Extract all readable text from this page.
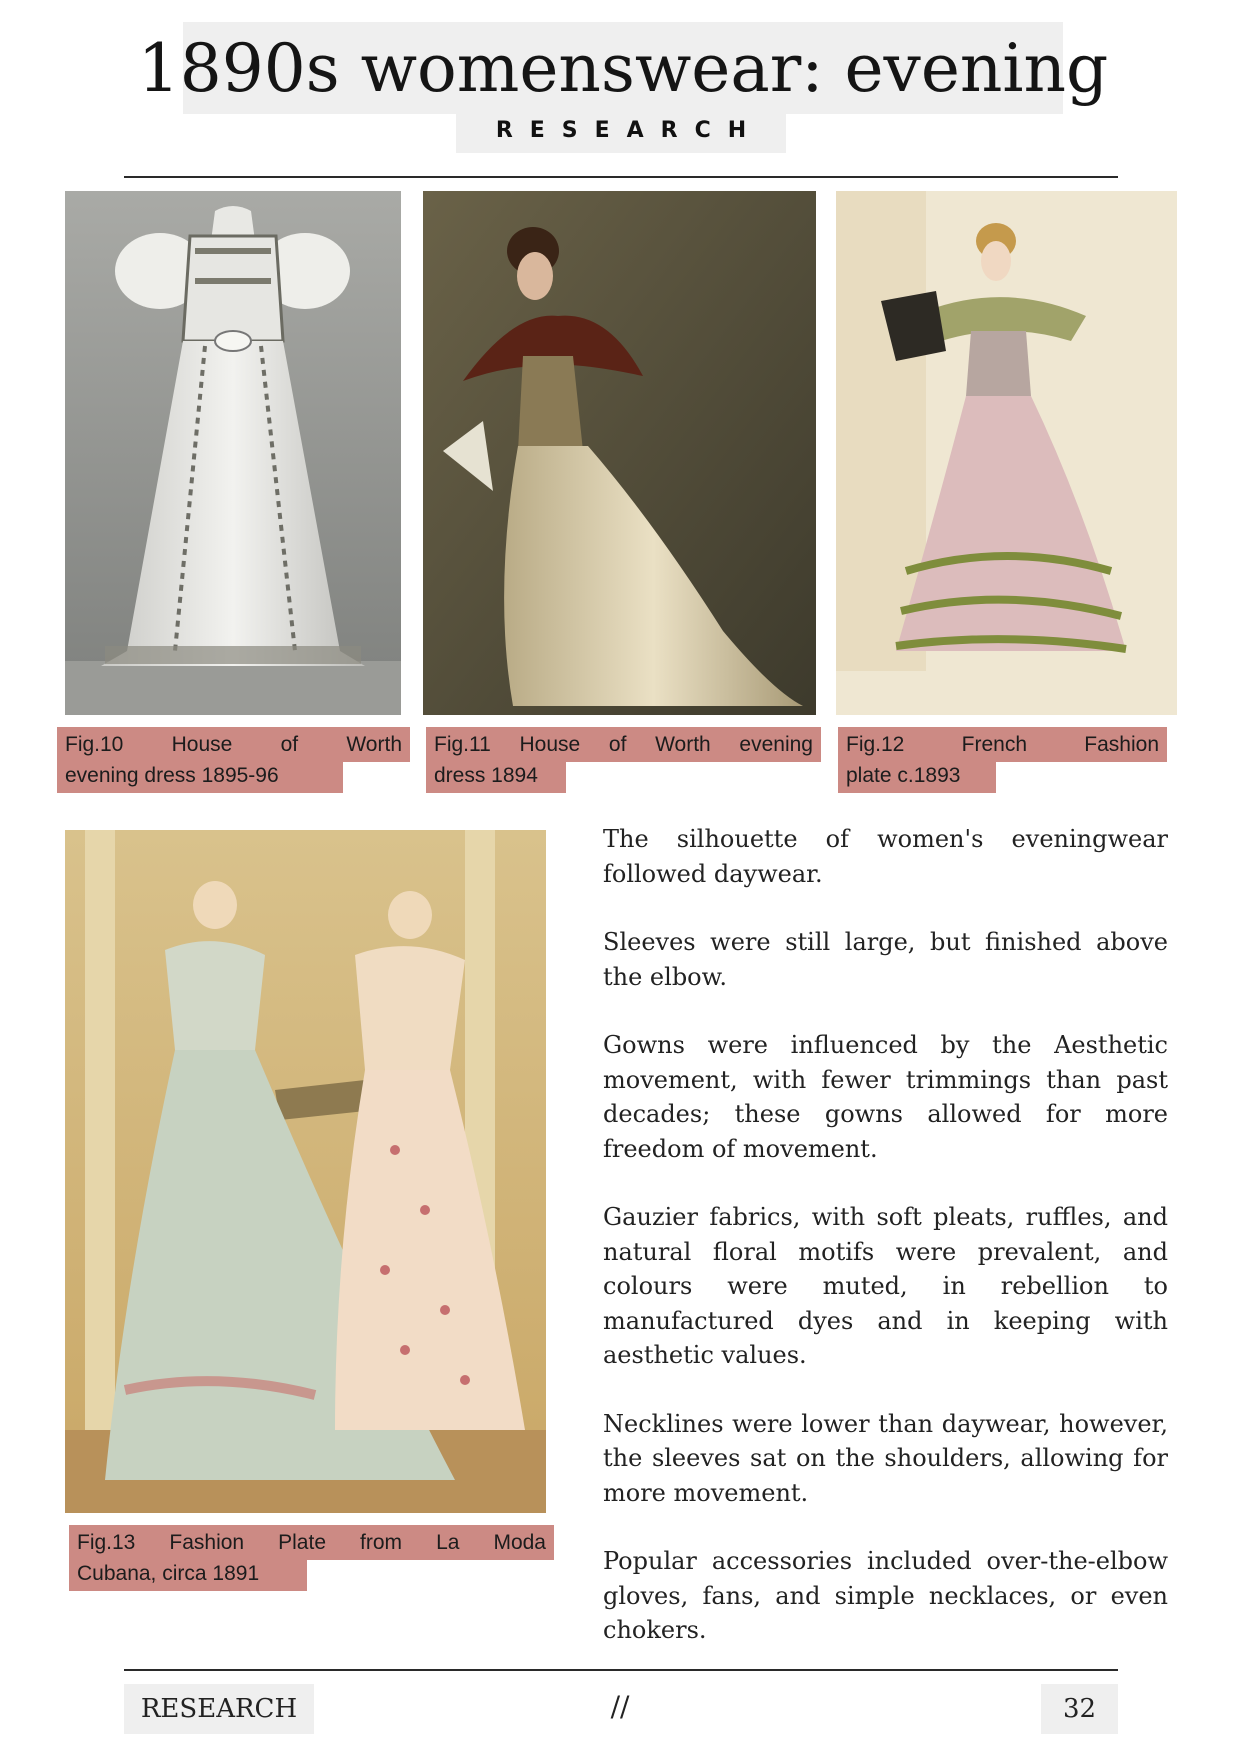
1890s womenswear: evening
RESEARCH
Fig.10 House of Worth
evening dress 1895-96
Fig.11 House of Worth evening
dress 1894
Fig.12 French Fashion
plate c.1893
Fig.13 Fashion Plate from La Moda
Cubana, circa 1891

The silhouette of women's eveningwear followed daywear.

Sleeves were still large, but finished above the elbow.

Gowns were influenced by the Aesthetic movement, with fewer trimmings than past decades; these gowns allowed for more freedom of movement.

Gauzier fabrics, with soft pleats, ruffles, and natural floral motifs were prevalent, and colours were muted, in rebellion to manufactured dyes and in keeping with aesthetic values.

Necklines were lower than daywear, however, the sleeves sat on the shoulders, allowing for more movement.

Popular accessories included over-the-elbow gloves, fans, and simple necklaces, or even chokers.

RESEARCH	//	32
